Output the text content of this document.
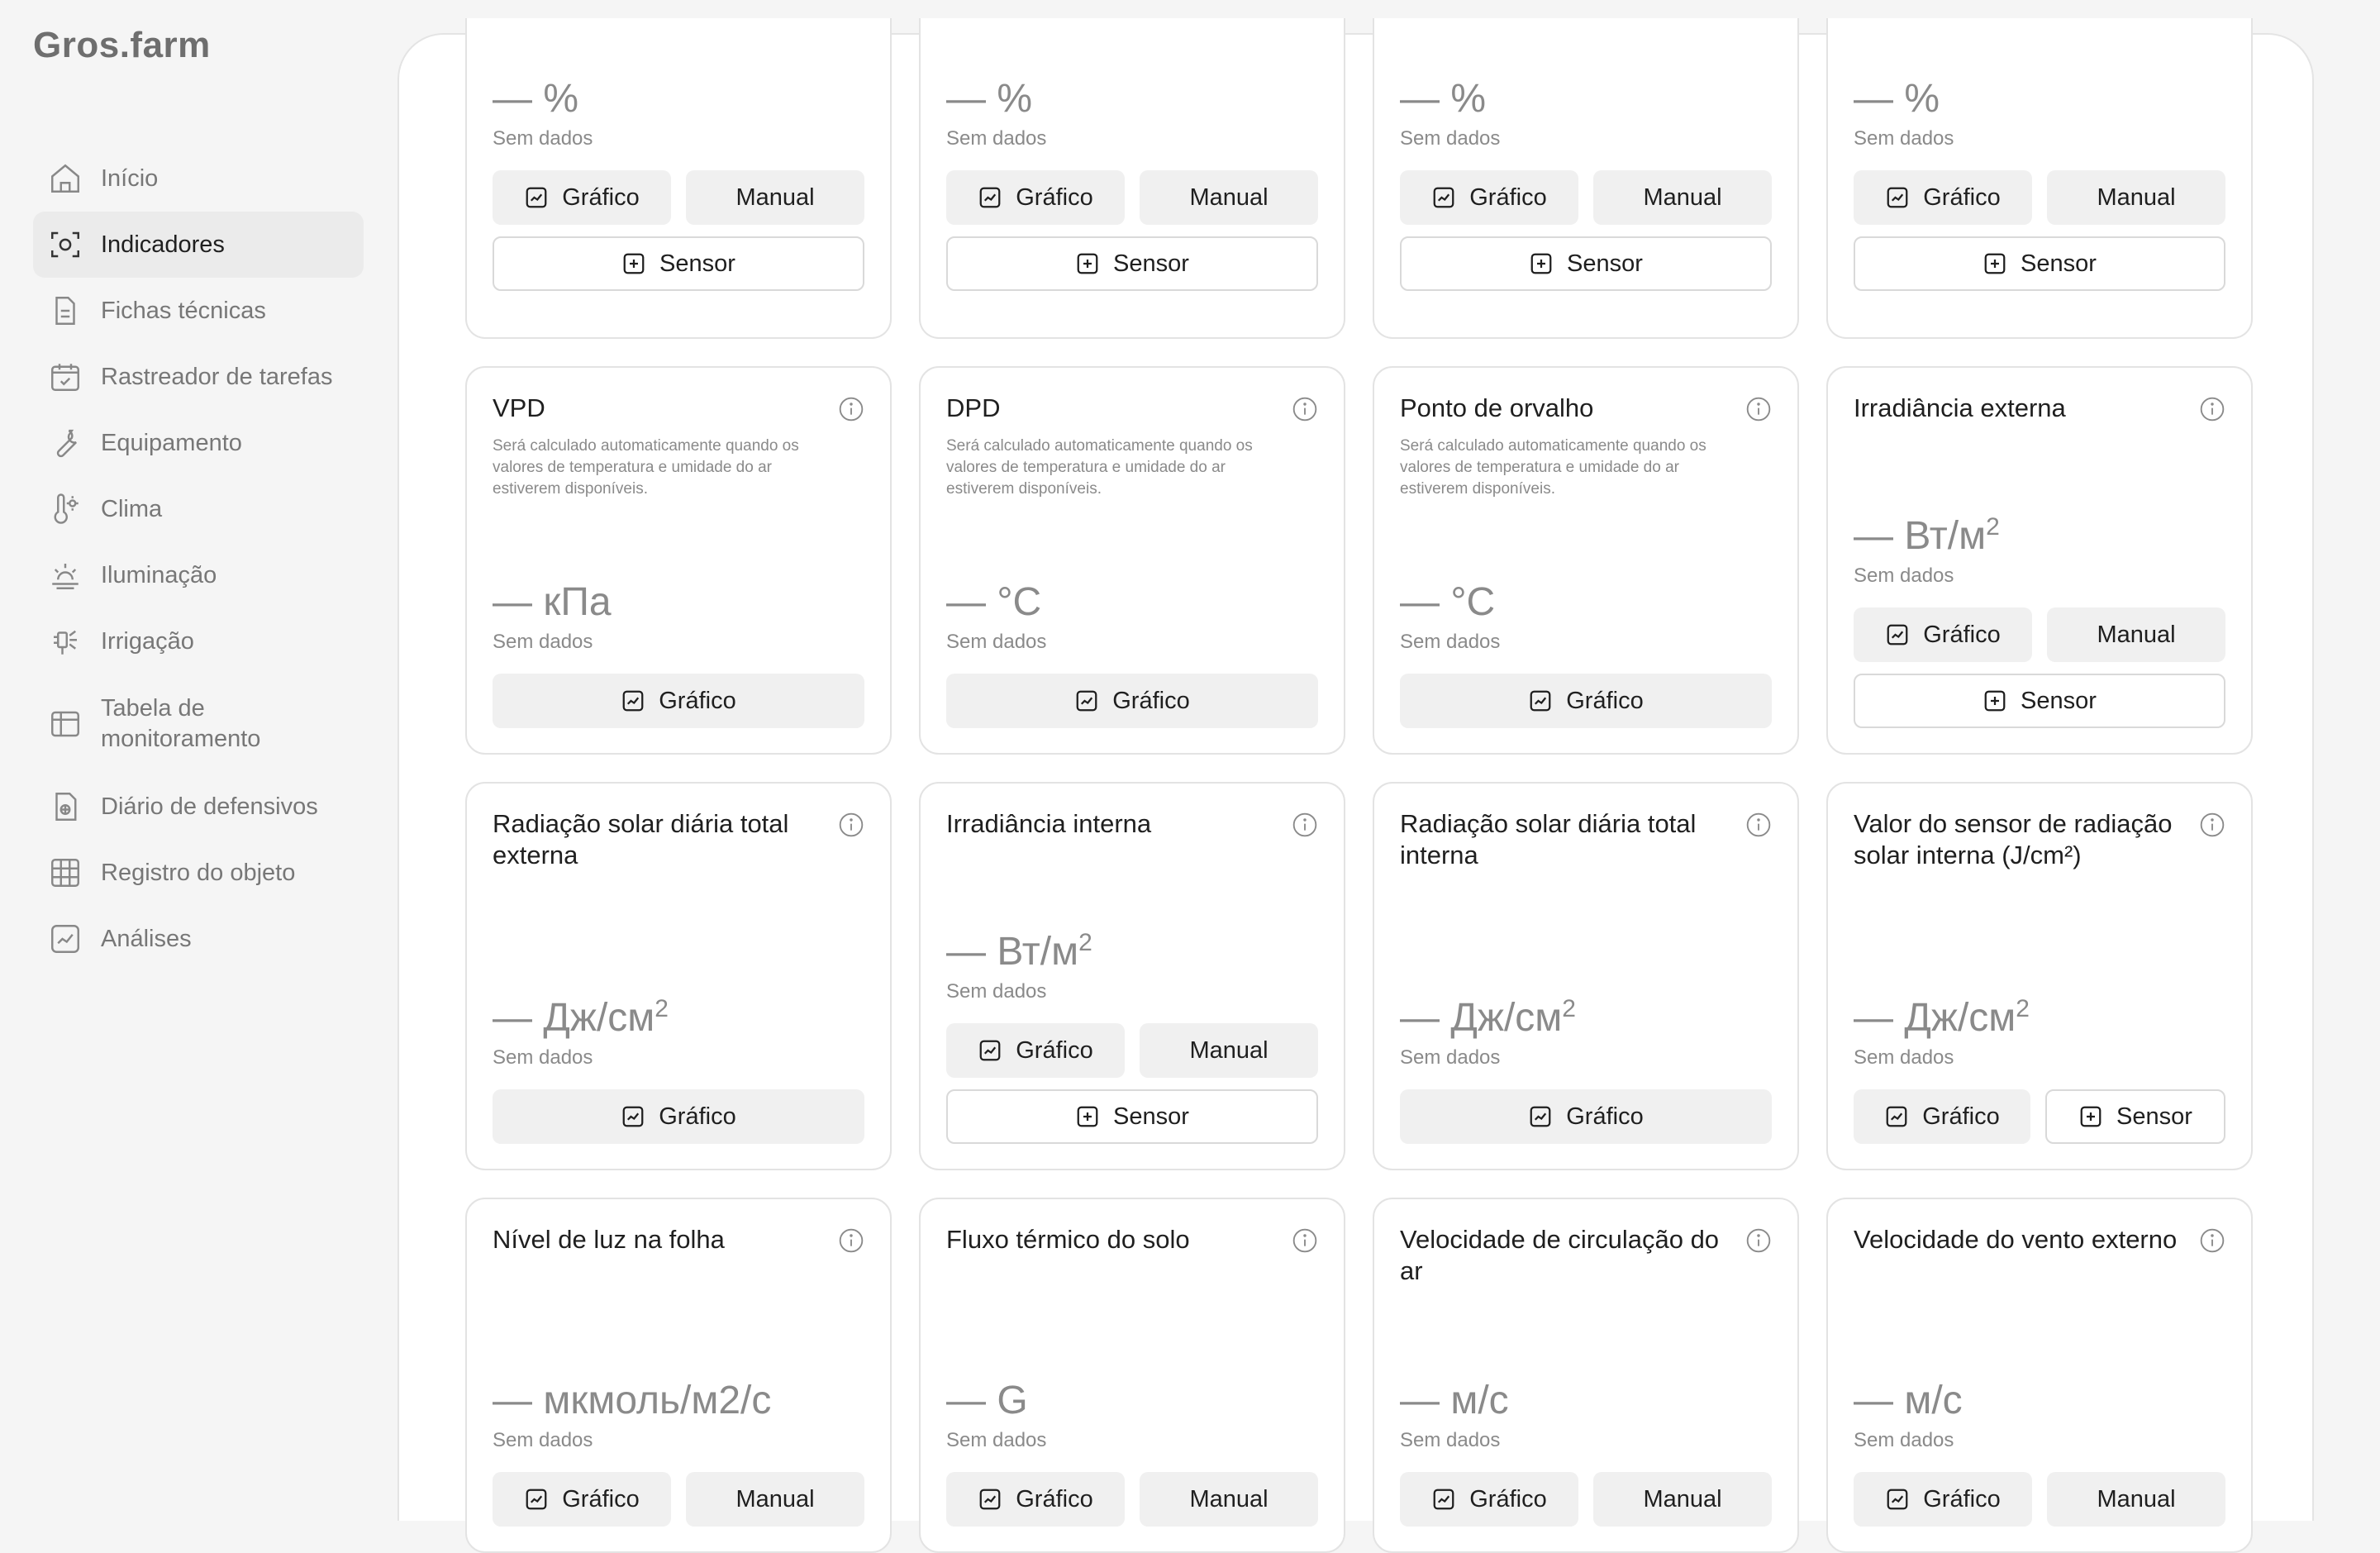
Gros.farm
Início
Indicadores
Fichas técnicas
Rastreador de tarefas
Equipamento
Clima
Iluminação
Irrigação
Tabela de monitoramento
Diário de defensivos
Registro do objeto
Análises
— %
Sem dados
Gráfico	Manual
Sensor
— %
Sem dados
Gráfico	Manual
Sensor
— %
Sem dados
Gráfico	Manual
Sensor
— %
Sem dados
Gráfico	Manual
Sensor
VPD
Será calculado automaticamente quando os valores de temperatura e umidade do ar estiverem disponíveis.
— кПа
Sem dados
Gráfico
DPD
Será calculado automaticamente quando os valores de temperatura e umidade do ar estiverem disponíveis.
— °C
Sem dados
Gráfico
Ponto de orvalho
Será calculado automaticamente quando os valores de temperatura e umidade do ar estiverem disponíveis.
— °C
Sem dados
Gráfico
Irradiância externa
— $Вт/м^2$
Sem dados
Gráfico	Manual
Sensor
Radiação solar diária total externa
— $Дж/см^2$
Sem dados
Gráfico
Irradiância interna
— $Вт/м^2$
Sem dados
Gráfico	Manual
Sensor
Radiação solar diária total interna
— $Дж/см^2$
Sem dados
Gráfico
Valor do sensor de radiação solar interna (J/cm²)
— $Дж/см^2$
Sem dados
Gráfico	Sensor
Nível de luz na folha
— мкмоль/м2/с
Sem dados
Gráfico	Manual
Fluxo térmico do solo
— G
Sem dados
Gráfico	Manual
Velocidade de circulação do ar
— м/с
Sem dados
Gráfico	Manual
Velocidade do vento externo
— м/с
Sem dados
Gráfico	Manual
